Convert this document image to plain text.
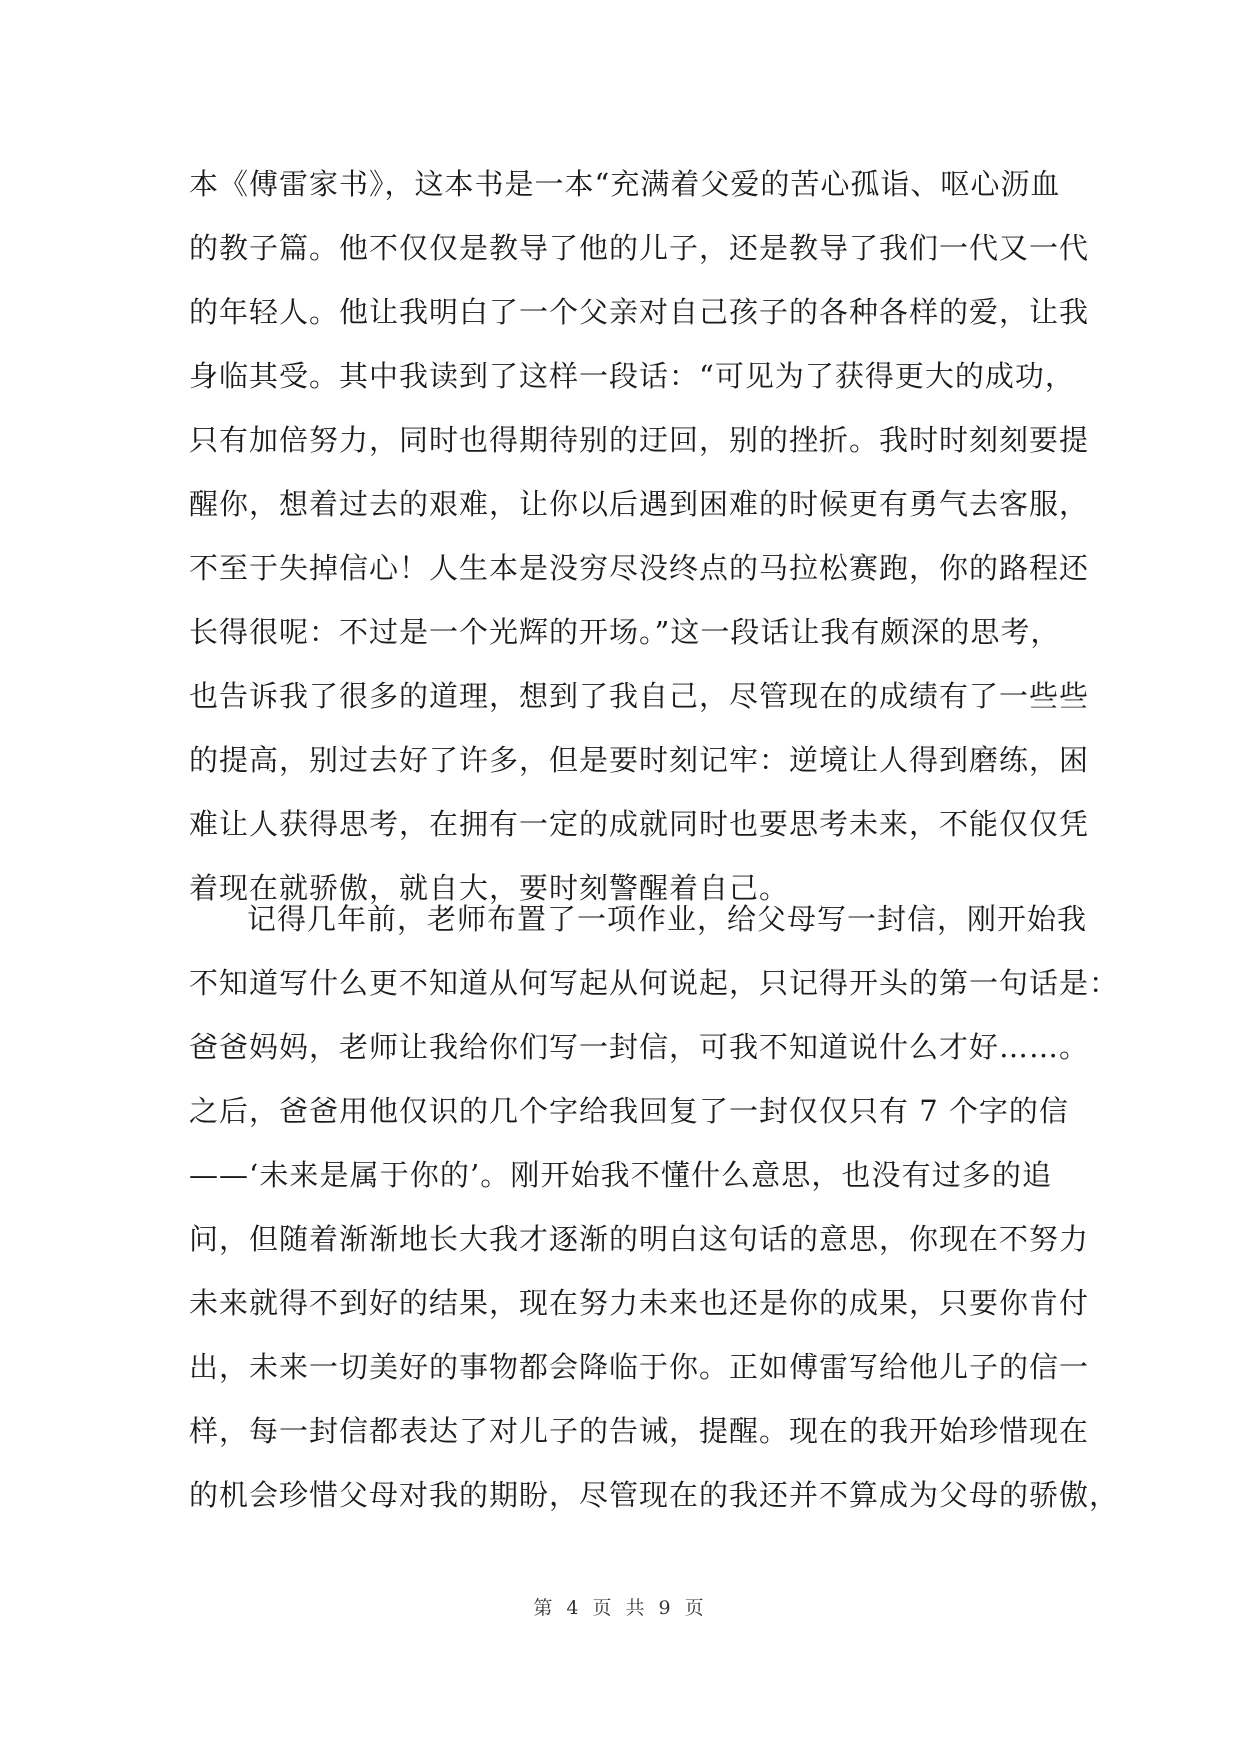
本《傅雷家书》，这本书是一本“充满着父爱的苦心孤诣、呕心沥血
的教子篇。他不仅仅是教导了他的儿子，还是教导了我们一代又一代
的年轻人。他让我明白了一个父亲对自己孩子的各种各样的爱，让我
身临其受。其中我读到了这样一段话：“可见为了获得更大的成功，
只有加倍努力，同时也得期待别的迂回，别的挫折。我时时刻刻要提
醒你，想着过去的艰难，让你以后遇到困难的时候更有勇气去客服，
不至于失掉信心！人生本是没穷尽没终点的马拉松赛跑，你的路程还
长得很呢：不过是一个光辉的开场。”这一段话让我有颇深的思考，
也告诉我了很多的道理，想到了我自己，尽管现在的成绩有了一些些
的提高，别过去好了许多，但是要时刻记牢：逆境让人得到磨练，困
难让人获得思考，在拥有一定的成就同时也要思考未来，不能仅仅凭
着现在就骄傲，就自大，要时刻警醒着自己。
记得几年前，老师布置了一项作业，给父母写一封信，刚开始我
不知道写什么更不知道从何写起从何说起，只记得开头的第一句话是：
爸爸妈妈，老师让我给你们写一封信，可我不知道说什么才好……。
之后，爸爸用他仅识的几个字给我回复了一封仅仅只有 7 个字的信
——‘未来是属于你的’。刚开始我不懂什么意思，也没有过多的追
问，但随着渐渐地长大我才逐渐的明白这句话的意思，你现在不努力
未来就得不到好的结果，现在努力未来也还是你的成果，只要你肯付
出，未来一切美好的事物都会降临于你。正如傅雷写给他儿子的信一
样，每一封信都表达了对儿子的告诫，提醒。现在的我开始珍惜现在
的机会珍惜父母对我的期盼，尽管现在的我还并不算成为父母的骄傲，
第 4 页 共 9 页
